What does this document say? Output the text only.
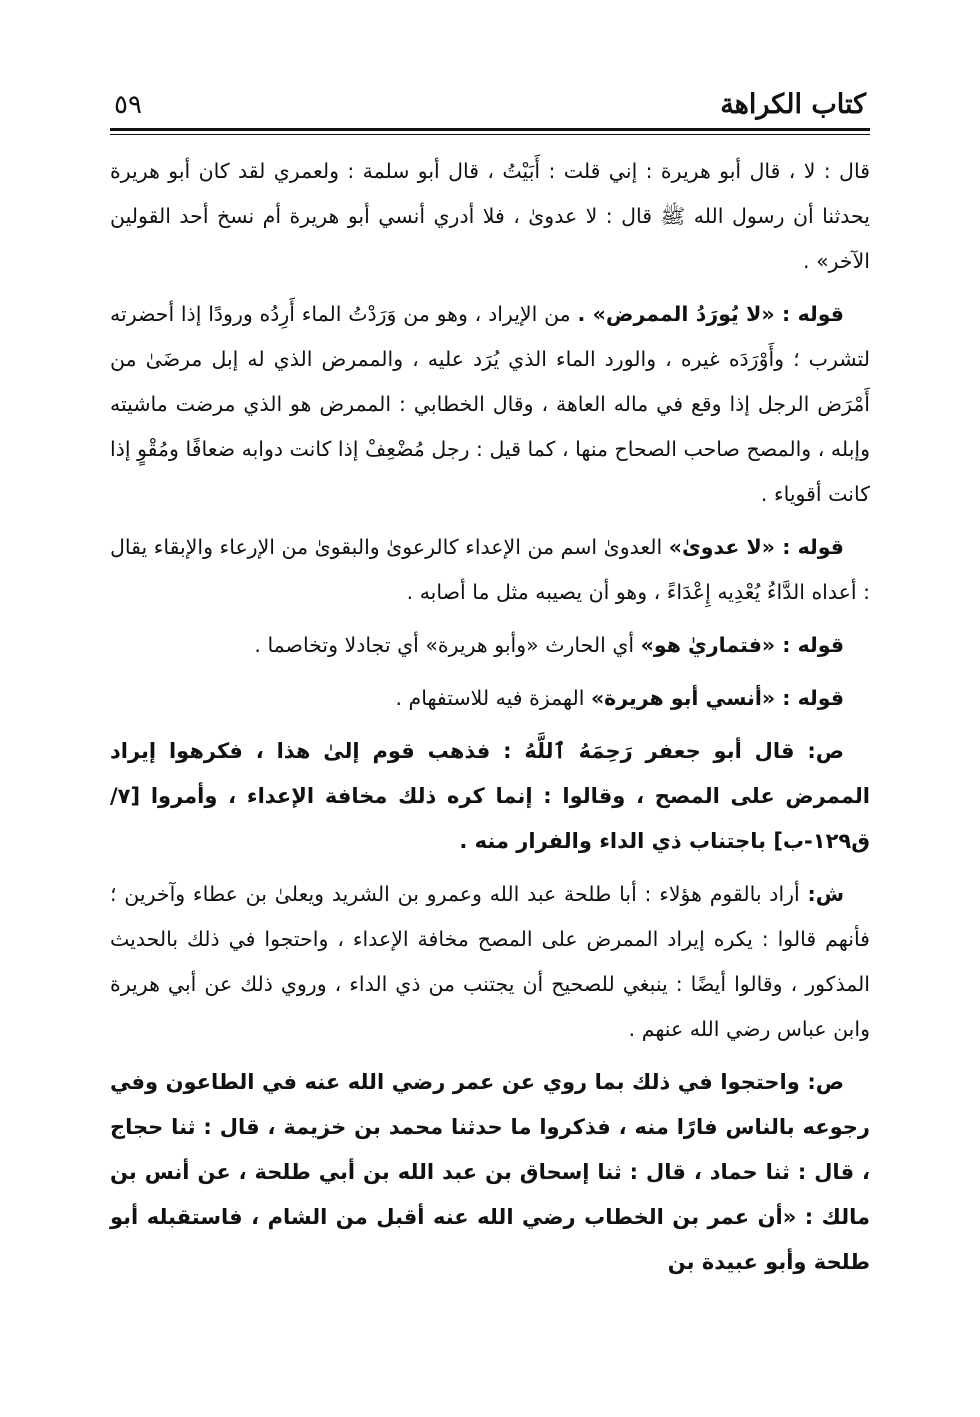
كتاب الكراهة
٥٩

قال : لا ، قال أبو هريرة : إني قلت : أَبَيْتُ ، قال أبو سلمة : ولعمري لقد كان أبو هريرة يحدثنا أن رسول الله ﷺ قال : لا عدوىٰ ، فلا أدري أنسي أبو هريرة أم نسخ أحد القولين الآخر» .

قوله : «لا يُورَدُ الممرض» . من الإيراد ، وهو من وَرَدْتُ الماء أَرِدُه ورودًا إذا أحضرته لتشرب ؛ وأَوْرَدَه غيره ، والورد الماء الذي يُرَد عليه ، والممرض الذي له إبل مرضَىٰ من أَمْرَض الرجل إذا وقع في ماله العاهة ، وقال الخطابي : الممرض هو الذي مرضت ماشيته وإبله ، والمصح صاحب الصحاح منها ، كما قيل : رجل مُضْعِفْ إذا كانت دوابه ضعافًا ومُقْوٍ إذا كانت أقوياء .

قوله : «لا عدوىٰ» العدوىٰ اسم من الإعداء كالرعوىٰ والبقوىٰ من الإرعاء والإبقاء يقال : أعداه الدَّاءُ يُعْدِيه إِعْدَاءً ، وهو أن يصيبه مثل ما أصابه .

قوله : «فتماريٰ هو» أي الحارث «وأبو هريرة» أي تجادلا وتخاصما .

قوله : «أنسي أبو هريرة» الهمزة فيه للاستفهام .

ص: قال أبو جعفر رَحِمَهُ ٱللَّهُ : فذهب قوم إلىٰ هذا ، فكرهوا إيراد الممرض على المصح ، وقالوا : إنما كره ذلك مخافة الإعداء ، وأمروا [٧/ ق١٢٩-ب] باجتناب ذي الداء والفرار منه .

ش: أراد بالقوم هؤلاء : أبا طلحة عبد الله وعمرو بن الشريد ويعلىٰ بن عطاء وآخرين ؛ فأنهم قالوا : يكره إيراد الممرض على المصح مخافة الإعداء ، واحتجوا في ذلك بالحديث المذكور ، وقالوا أيضًا : ينبغي للصحيح أن يجتنب من ذي الداء ، وروي ذلك عن أبي هريرة وابن عباس رضي الله عنهم .

ص: واحتجوا في ذلك بما روي عن عمر رضي الله عنه في الطاعون وفي رجوعه بالناس فارًا منه ، فذكروا ما حدثنا محمد بن خزيمة ، قال : ثنا حجاج ، قال : ثنا حماد ، قال : ثنا إسحاق بن عبد الله بن أبي طلحة ، عن أنس بن مالك : «أن عمر بن الخطاب رضي الله عنه أقبل من الشام ، فاستقبله أبو طلحة وأبو عبيدة بن
